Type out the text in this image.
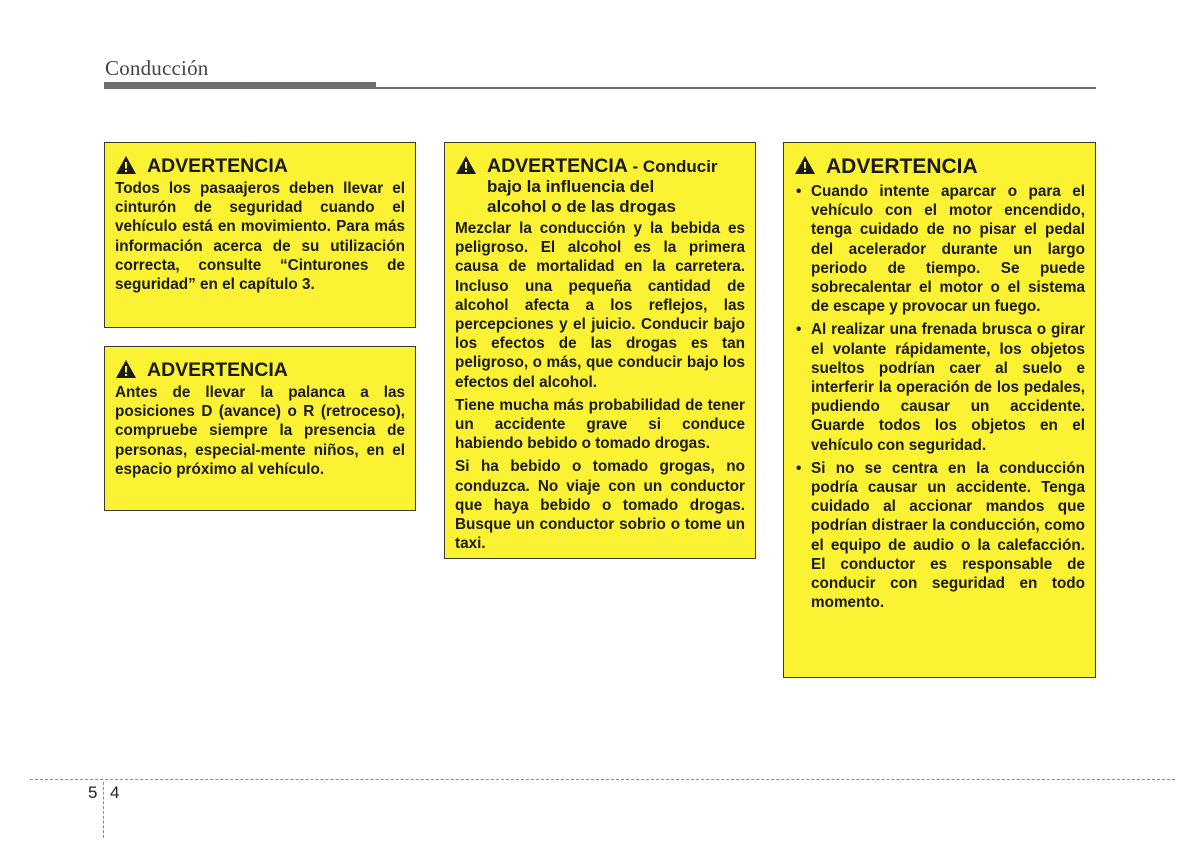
Conducción
ADVERTENCIA

Todos los pasaajeros deben llevar el cinturón de seguridad cuando el vehículo está en movimiento. Para más información acerca de su utilización correcta, consulte “Cinturones de seguridad” en el capítulo 3.

ADVERTENCIA

Antes de llevar la palanca a las posiciones D (avance) o R (retroceso), compruebe siempre la presencia de personas, especial-mente niños, en el espacio próximo al vehículo.

ADVERTENCIA - Conducir
bajo la influencia del
alcohol o de las drogas

Mezclar la conducción y la bebida es peligroso. El alcohol es la primera causa de mortalidad en la carretera. Incluso una pequeña cantidad de alcohol afecta a los reflejos, las percepciones y el juicio. Conducir bajo los efectos de las drogas es tan peligroso, o más, que conducir bajo los efectos del alcohol.

Tiene mucha más probabilidad de tener un accidente grave si conduce habiendo bebido o tomado drogas.

Si ha bebido o tomado grogas, no conduzca. No viaje con un conductor que haya bebido o tomado drogas. Busque un conductor sobrio o tome un taxi.

ADVERTENCIA
• Cuando intente aparcar o para el vehículo con el motor encendido, tenga cuidado de no pisar el pedal del acelerador durante un largo periodo de tiempo. Se puede sobrecalentar el motor o el sistema de escape y provocar un fuego.
• Al realizar una frenada brusca o girar el volante rápidamente, los objetos sueltos podrían caer al suelo e interferir la operación de los pedales, pudiendo causar un accidente. Guarde todos los objetos en el vehículo con seguridad.
• Si no se centra en la conducción podría causar un accidente. Tenga cuidado al accionar mandos que podrían distraer la conducción, como el equipo de audio o la calefacción. El conductor es responsable de conducir con seguridad en todo momento.
5 4
